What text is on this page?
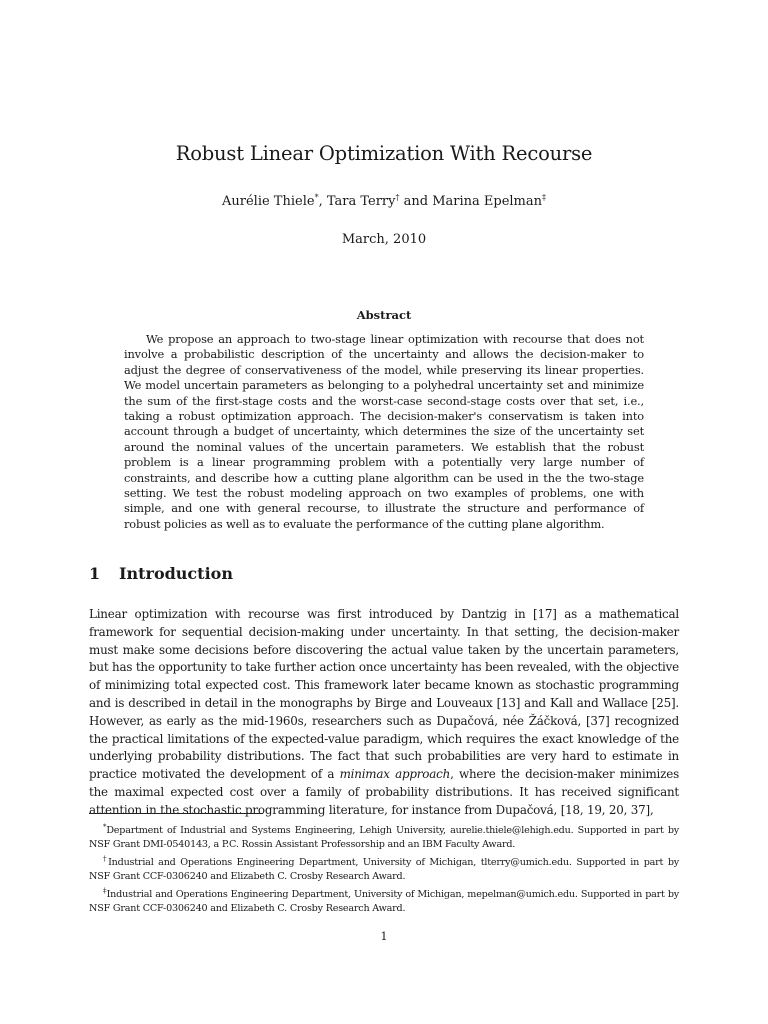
Robust Linear Optimization With Recourse
Aurélie Thiele*, Tara Terry† and Marina Epelman‡
March, 2010
Abstract

We propose an approach to two-stage linear optimization with recourse that does not involve a probabilistic description of the uncertainty and allows the decision-maker to adjust the degree of conservativeness of the model, while preserving its linear properties. We model uncertain parameters as belonging to a polyhedral uncertainty set and minimize the sum of the first-stage costs and the worst-case second-stage costs over that set, i.e., taking a robust optimization approach. The decision-maker's conservatism is taken into account through a budget of uncertainty, which determines the size of the uncertainty set around the nominal values of the uncertain parameters. We establish that the robust problem is a linear programming problem with a potentially very large number of constraints, and describe how a cutting plane algorithm can be used in the the two-stage setting. We test the robust modeling approach on two examples of problems, one with simple, and one with general recourse, to illustrate the structure and performance of robust policies as well as to evaluate the performance of the cutting plane algorithm.

1 Introduction

Linear optimization with recourse was first introduced by Dantzig in [17] as a mathematical framework for sequential decision-making under uncertainty. In that setting, the decision-maker must make some decisions before discovering the actual value taken by the uncertain parameters, but has the opportunity to take further action once uncertainty has been revealed, with the objective of minimizing total expected cost. This framework later became known as stochastic programming and is described in detail in the monographs by Birge and Louveaux [13] and Kall and Wallace [25]. However, as early as the mid-1960s, researchers such as Dupačová, née Žáčková, [37] recognized the practical limitations of the expected-value paradigm, which requires the exact knowledge of the underlying probability distributions. The fact that such probabilities are very hard to estimate in practice motivated the development of a minimax approach, where the decision-maker minimizes the maximal expected cost over a family of probability distributions. It has received significant attention in the stochastic programming literature, for instance from Dupačová, [18, 19, 20, 37],

*Department of Industrial and Systems Engineering, Lehigh University, aurelie.thiele@lehigh.edu. Supported in part by NSF Grant DMI-0540143, a P.C. Rossin Assistant Professorship and an IBM Faculty Award.

†Industrial and Operations Engineering Department, University of Michigan, tlterry@umich.edu. Supported in part by NSF Grant CCF-0306240 and Elizabeth C. Crosby Research Award.

‡Industrial and Operations Engineering Department, University of Michigan, mepelman@umich.edu. Supported in part by NSF Grant CCF-0306240 and Elizabeth C. Crosby Research Award.

1
